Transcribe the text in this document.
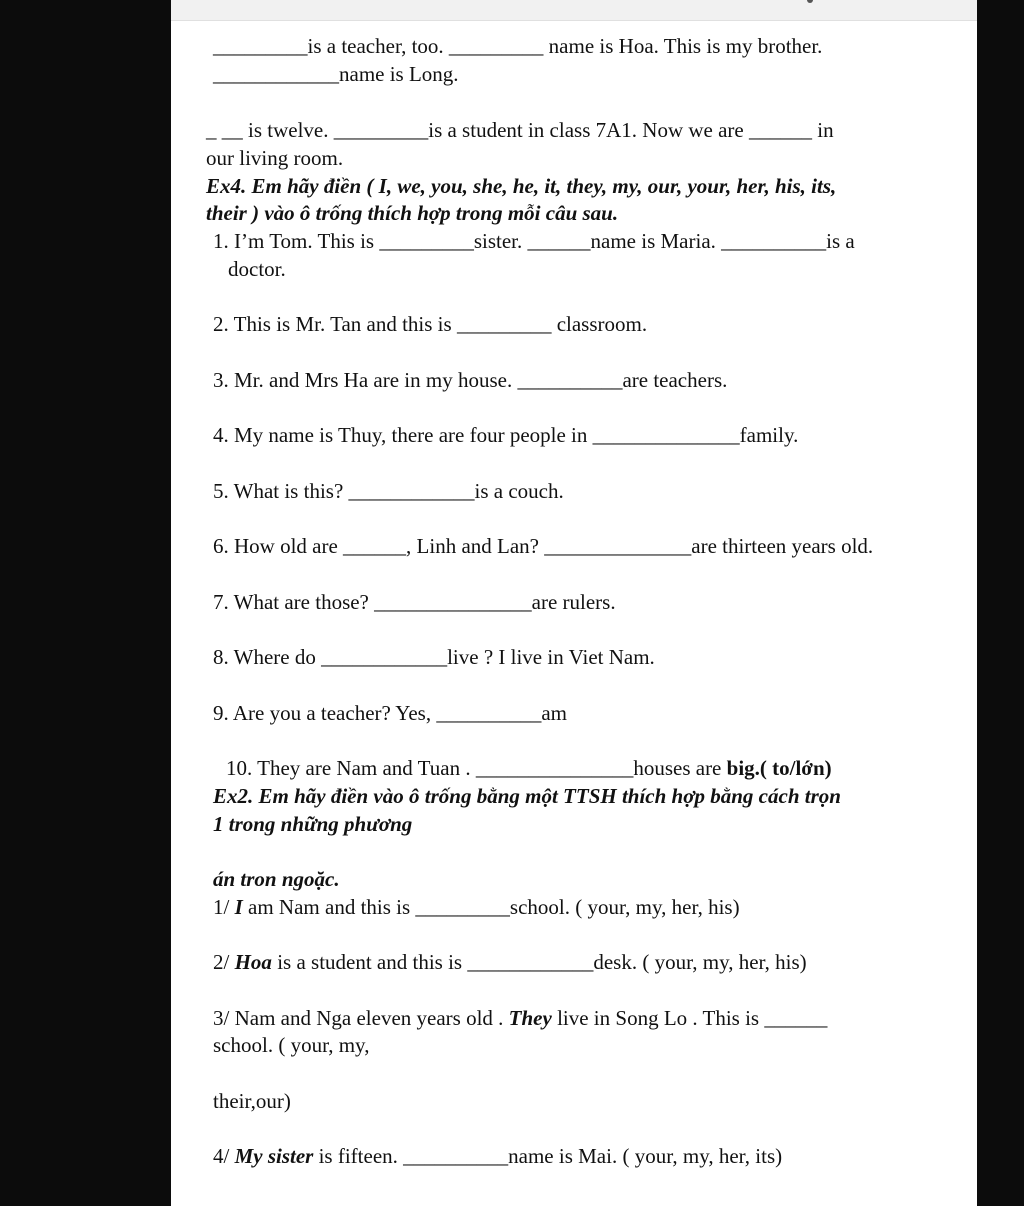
_________is a teacher, too. _________ name is Hoa. This is my brother.
____________name is Long.
_ __ is twelve. _________is a student in class 7A1. Now we are ______ in
our living room.
Ex4. Em hãy điền ( I, we, you, she, he, it, they, my, our, your, her, his, its,
their ) vào ô trống thích hợp trong mỗi câu sau.
1. I’m Tom. This is _________sister. ______name is Maria. __________is a
doctor.
2. This is Mr. Tan and this is _________ classroom.
3. Mr. and Mrs Ha are in my house. __________are teachers.
4. My name is Thuy, there are four people in ______________family.
5. What is this? ____________is a couch.
6. How old are ______, Linh and Lan? ______________are thirteen years old.
7. What are those? _______________are rulers.
8. Where do ____________live ? I live in Viet Nam.
9. Are you a teacher? Yes, __________am
10. They are Nam and Tuan . _______________houses are big.( to/lớn)
Ex2. Em hãy điền vào ô trống bằng một TTSH thích hợp bằng cách trọn
1 trong những phương
án tron ngoặc.
1/ I am Nam and this is _________school. ( your, my, her, his)
2/ Hoa is a student and this is ____________desk. ( your, my, her, his)
3/ Nam and Nga eleven years old . They live in Song Lo . This is ______
school. ( your, my,
their,our)
4/ My sister is fifteen. __________name is Mai. ( your, my, her, its)
